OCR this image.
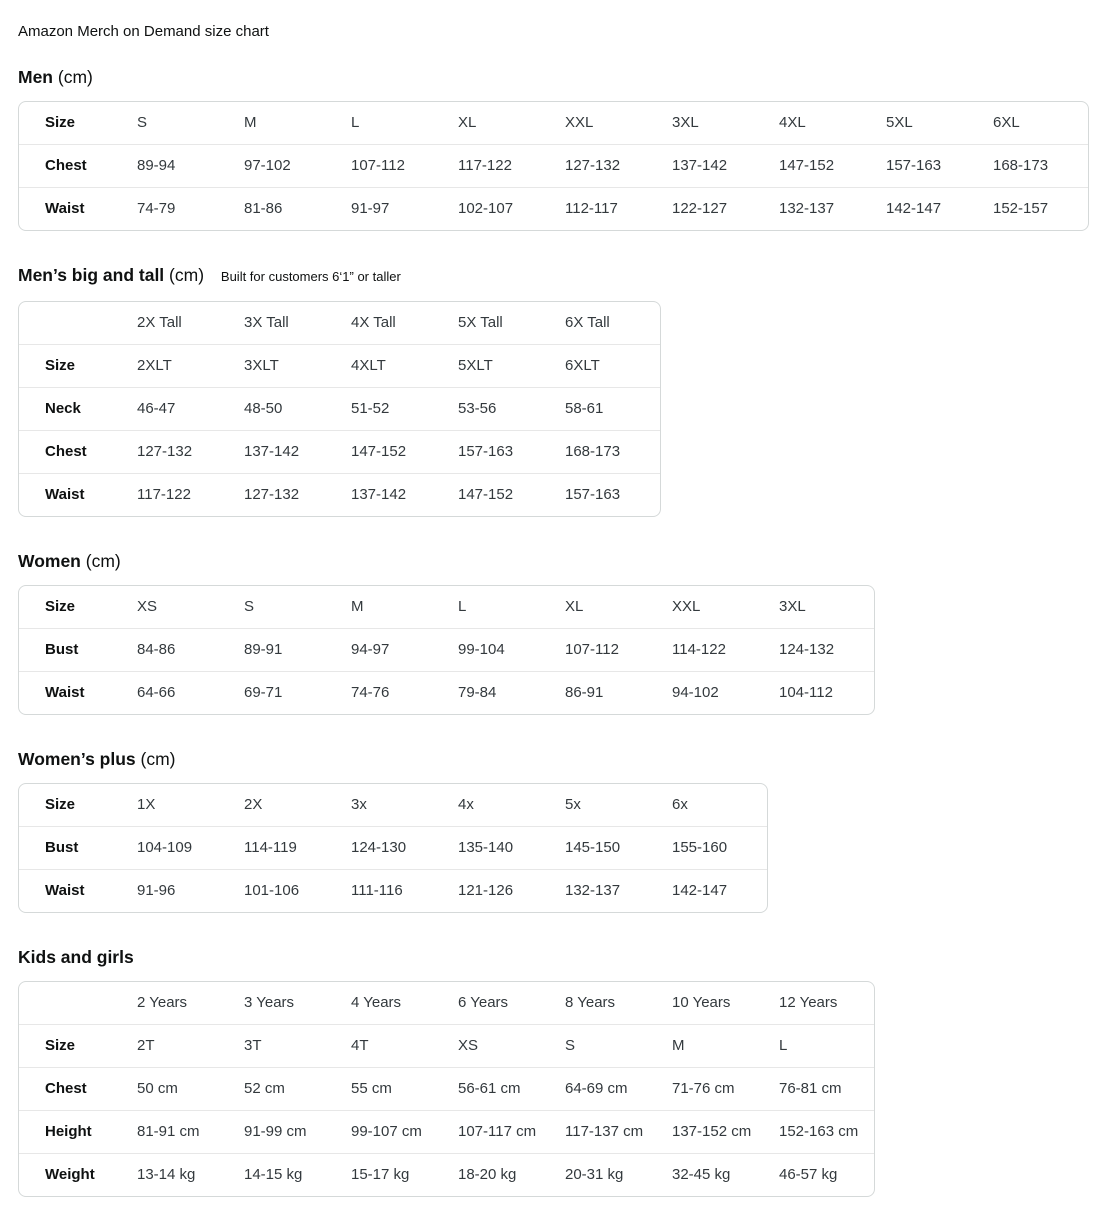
Amazon Merch on Demand size chart
Men (cm)
Size	S	M	L	XL	XXL	3XL	4XL	5XL	6XL
Chest	89-94	97-102	107-112	117-122	127-132	137-142	147-152	157-163	168-173
Waist	74-79	81-86	91-97	102-107	112-117	122-127	132-137	142-147	152-157
Men’s big and tall (cm) Built for customers 6‘1” or taller
	2X Tall	3X Tall	4X Tall	5X Tall	6X Tall
Size	2XLT	3XLT	4XLT	5XLT	6XLT
Neck	46-47	48-50	51-52	53-56	58-61
Chest	127-132	137-142	147-152	157-163	168-173
Waist	117-122	127-132	137-142	147-152	157-163
Women (cm)
Size	XS	S	M	L	XL	XXL	3XL
Bust	84-86	89-91	94-97	99-104	107-112	114-122	124-132
Waist	64-66	69-71	74-76	79-84	86-91	94-102	104-112
Women’s plus (cm)
Size	1X	2X	3x	4x	5x	6x
Bust	104-109	114-119	124-130	135-140	145-150	155-160
Waist	91-96	101-106	111-116	121-126	132-137	142-147
Kids and girls
	2 Years	3 Years	4 Years	6 Years	8 Years	10 Years	12 Years
Size	2T	3T	4T	XS	S	M	L
Chest	50 cm	52 cm	55 cm	56-61 cm	64-69 cm	71-76 cm	76-81 cm
Height	81-91 cm	91-99 cm	99-107 cm	107-117 cm	117-137 cm	137-152 cm	152-163 cm
Weight	13-14 kg	14-15 kg	15-17 kg	18-20 kg	20-31 kg	32-45 kg	46-57 kg
